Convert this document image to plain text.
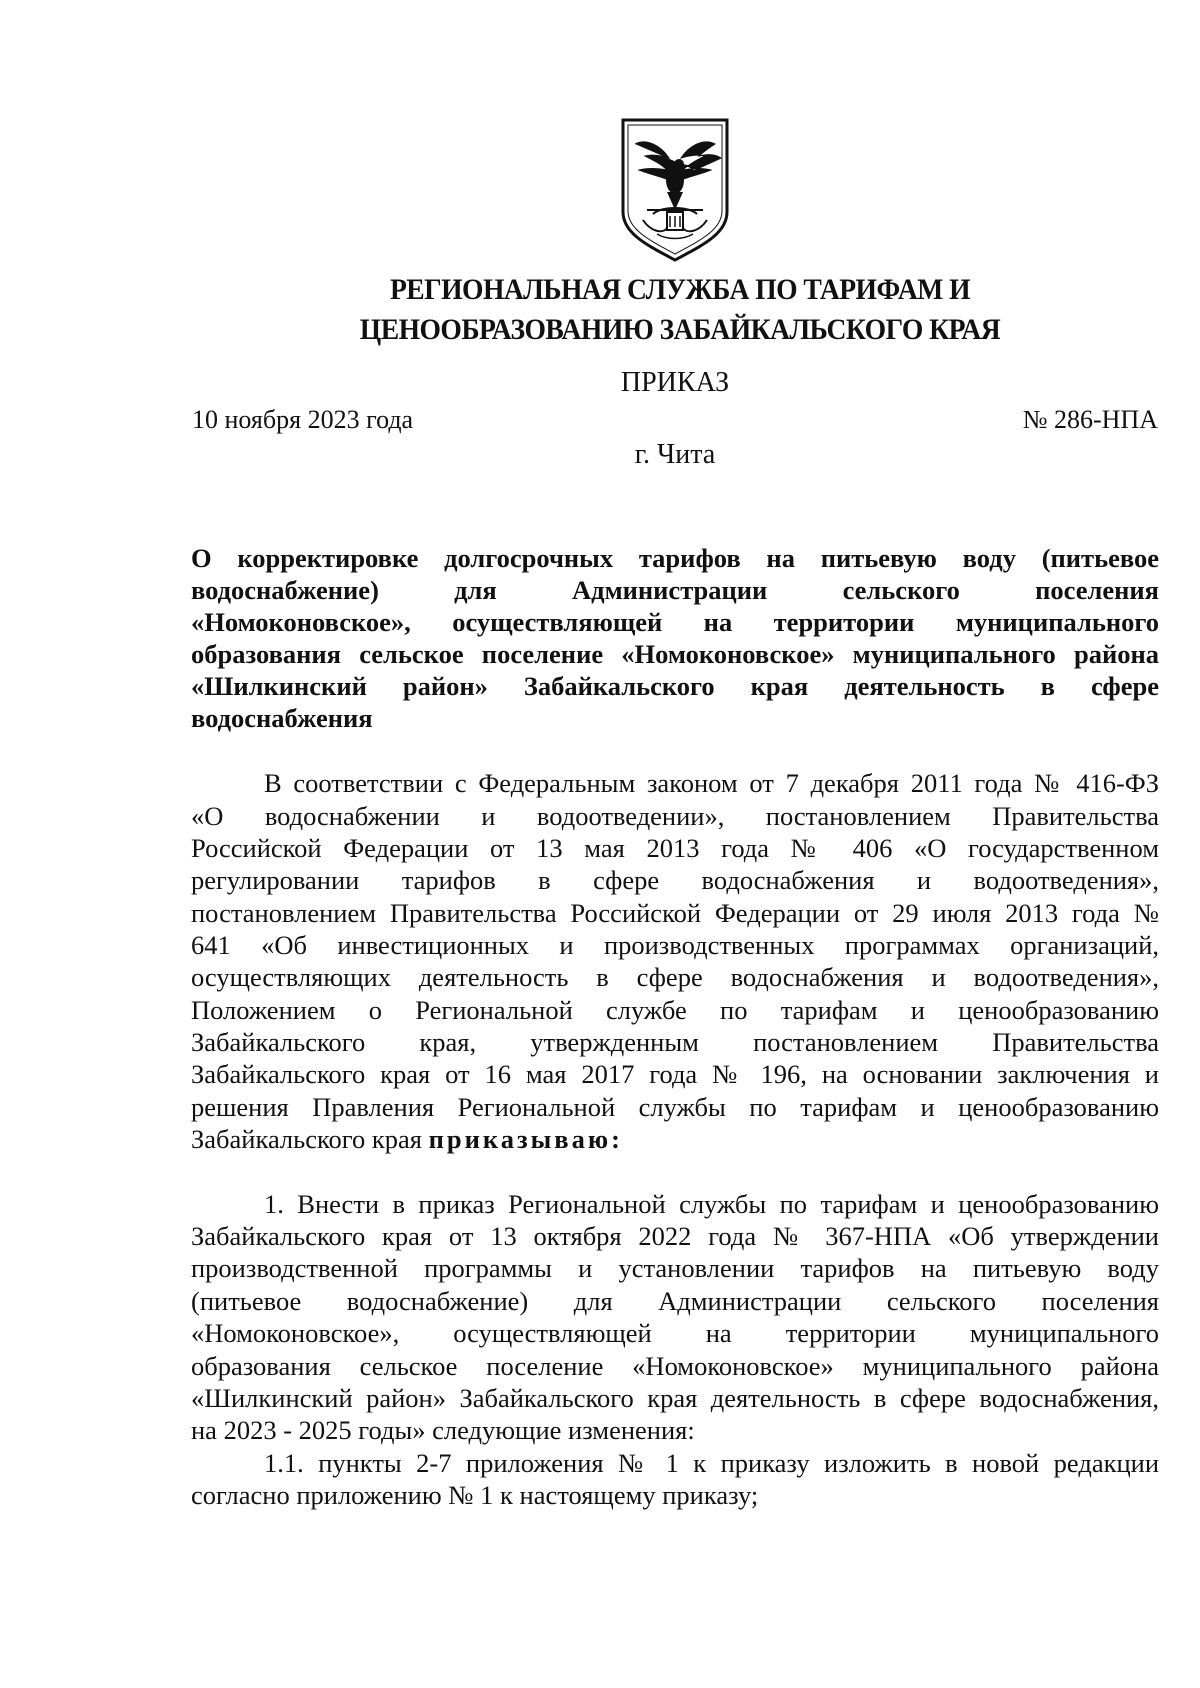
РЕГИОНАЛЬНАЯ СЛУЖБА ПО ТАРИФАМ И
ЦЕНООБРАЗОВАНИЮ ЗАБАЙКАЛЬСКОГО КРАЯ
ПРИКАЗ
10 ноября 2023 года	№ 286-НПА
г. Чита
О корректировке долгосрочных тарифов на питьевую воду (питьевое
водоснабжение) для Администрации сельского поселения
«Номоконовское», осуществляющей на территории муниципального
образования сельское поселение «Номоконовское» муниципального района
«Шилкинский район» Забайкальского края деятельность в сфере
водоснабжения
В соответствии с Федеральным законом от 7 декабря 2011 года № 416-ФЗ
«О водоснабжении и водоотведении», постановлением Правительства
Российской Федерации от 13 мая 2013 года № 406 «О государственном
регулировании тарифов в сфере водоснабжения и водоотведения»,
постановлением Правительства Российской Федерации от 29 июля 2013 года №
641 «Об инвестиционных и производственных программах организаций,
осуществляющих деятельность в сфере водоснабжения и водоотведения»,
Положением о Региональной службе по тарифам и ценообразованию
Забайкальского края, утвержденным постановлением Правительства
Забайкальского края от 16 мая 2017 года № 196, на основании заключения и
решения Правления Региональной службы по тарифам и ценообразованию
Забайкальского края приказываю:
1. Внести в приказ Региональной службы по тарифам и ценообразованию
Забайкальского края от 13 октября 2022 года № 367-НПА «Об утверждении
производственной программы и установлении тарифов на питьевую воду
(питьевое водоснабжение) для Администрации сельского поселения
«Номоконовское», осуществляющей на территории муниципального
образования сельское поселение «Номоконовское» муниципального района
«Шилкинский район» Забайкальского края деятельность в сфере водоснабжения,
на 2023 - 2025 годы» следующие изменения:
1.1. пункты 2-7 приложения № 1 к приказу изложить в новой редакции
согласно приложению № 1 к настоящему приказу;
